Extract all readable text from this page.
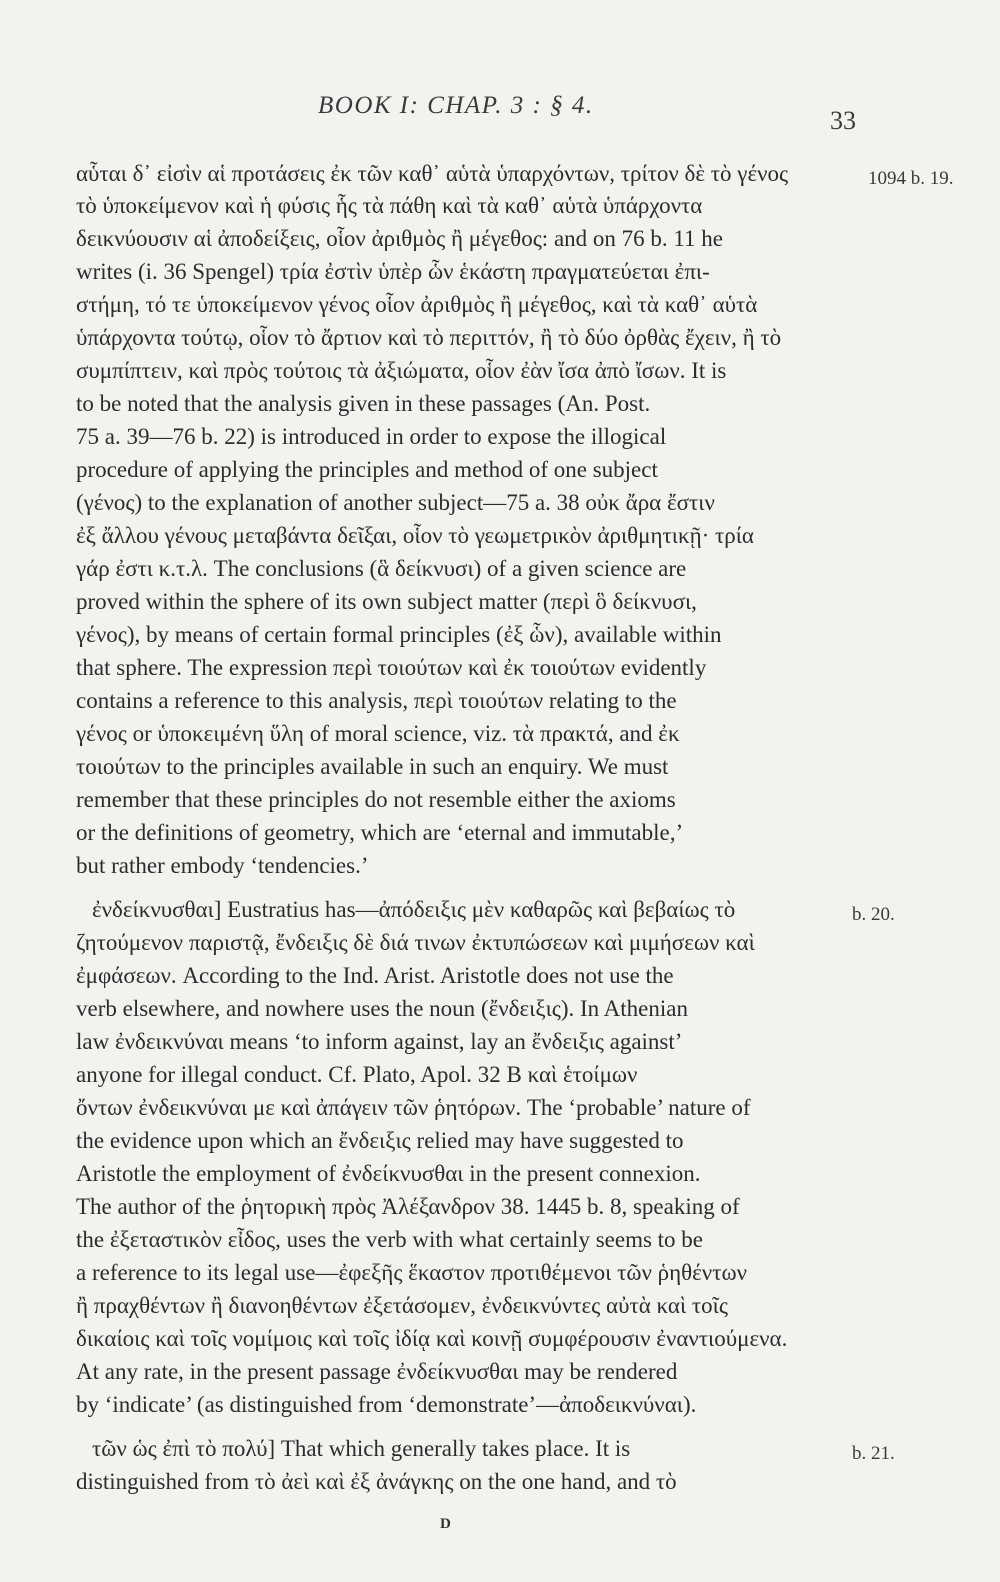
BOOK I: CHAP. 3 : § 4.
33
αὗται δ᾽ εἰσὶν αἱ προτάσεις ἐκ τῶν καθ᾽ αὑτὰ ὑπαρχόντων, τρίτον δὲ τὸ γένος
τὸ ὑποκείμενον καὶ ἡ φύσις ἧς τὰ πάθη καὶ τὰ καθ᾽ αὑτὰ ὑπάρχοντα
δεικνύουσιν αἱ ἀποδείξεις, οἷον ἀριθμὸς ἢ μέγεθος: and on 76 b. 11 he
writes (i. 36 Spengel) τρία ἐστὶν ὑπὲρ ὧν ἑκάστη πραγματεύεται ἐπι-
στήμη, τό τε ὑποκείμενον γένος οἷον ἀριθμὸς ἢ μέγεθος, καὶ τὰ καθ᾽ αὑτὰ
ὑπάρχοντα τούτῳ, οἷον τὸ ἄρτιον καὶ τὸ περιττόν, ἢ τὸ δύο ὀρθὰς ἔχειν, ἢ τὸ
συμπίπτειν, καὶ πρὸς τούτοις τὰ ἀξιώματα, οἷον ἐὰν ἴσα ἀπὸ ἴσων. It is
to be noted that the analysis given in these passages (An. Post.
75 a. 39—76 b. 22) is introduced in order to expose the illogical
procedure of applying the principles and method of one subject
(γένος) to the explanation of another subject—75 a. 38 οὐκ ἄρα ἔστιν
ἐξ ἄλλου γένους μεταβάντα δεῖξαι, οἷον τὸ γεωμετρικὸν ἀριθμητικῇ· τρία
γάρ ἐστι κ.τ.λ. The conclusions (ἃ δείκνυσι) of a given science are
proved within the sphere of its own subject matter (περὶ ὃ δείκνυσι,
γένος), by means of certain formal principles (ἐξ ὧν), available within
that sphere. The expression περὶ τοιούτων καὶ ἐκ τοιούτων evidently
contains a reference to this analysis, περὶ τοιούτων relating to the
γένος or ὑποκειμένη ὕλη of moral science, viz. τὰ πρακτά, and ἐκ
τοιούτων to the principles available in such an enquiry. We must
remember that these principles do not resemble either the axioms
or the definitions of geometry, which are ‘eternal and immutable,’
but rather embody ‘tendencies.’
ἐνδείκνυσθαι] Eustratius has—ἀπόδειξις μὲν καθαρῶς καὶ βεβαίως τὸ
ζητούμενον παριστᾷ, ἔνδειξις δὲ διά τινων ἐκτυπώσεων καὶ μιμήσεων καὶ
ἐμφάσεων. According to the Ind. Arist. Aristotle does not use the
verb elsewhere, and nowhere uses the noun (ἔνδειξις). In Athenian
law ἐνδεικνύναι means ‘to inform against, lay an ἔνδειξις against’
anyone for illegal conduct. Cf. Plato, Apol. 32 B καὶ ἑτοίμων
ὄντων ἐνδεικνύναι με καὶ ἀπάγειν τῶν ῥητόρων. The ‘probable’ nature of
the evidence upon which an ἔνδειξις relied may have suggested to
Aristotle the employment of ἐνδείκνυσθαι in the present connexion.
The author of the ῥητορικὴ πρὸς Ἀλέξανδρον 38. 1445 b. 8, speaking of
the ἐξεταστικὸν εἶδος, uses the verb with what certainly seems to be
a reference to its legal use—ἐφεξῆς ἕκαστον προτιθέμενοι τῶν ῥηθέντων
ἢ πραχθέντων ἢ διανοηθέντων ἐξετάσομεν, ἐνδεικνύντες αὐτὰ καὶ τοῖς
δικαίοις καὶ τοῖς νομίμοις καὶ τοῖς ἰδίᾳ καὶ κοινῇ συμφέρουσιν ἐναντιούμενα.
At any rate, in the present passage ἐνδείκνυσθαι may be rendered
by ‘indicate’ (as distinguished from ‘demonstrate’—ἀποδεικνύναι).
τῶν ὡς ἐπὶ τὸ πολύ] That which generally takes place. It is
distinguished from τὸ ἀεὶ καὶ ἐξ ἀνάγκης on the one hand, and τὸ
1094 b. 19.
b. 20.
b. 21.
D
